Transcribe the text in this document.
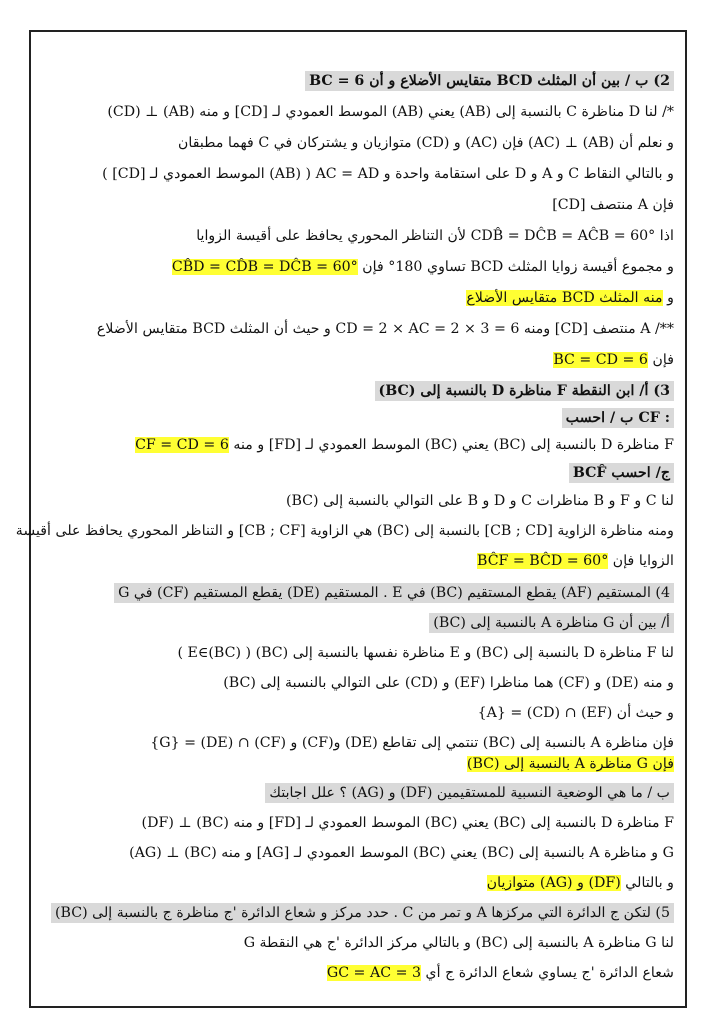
2) ب / بين أن المثلث BCD متقايس الأضلاع و أن BC = 6
*/ لنا D مناظرة C بالنسبة إلى (AB) يعني (AB) الموسط العمودي لـ [CD] و منه (AB) ⊥ (CD)
و نعلم أن (AB) ⊥ (AC) فإن (AC) و (CD) متوازيان و يشتركان في C فهما مطبقان
و بالتالي النقاط C و A و D على استقامة واحدة و AC = AD ( (AB) الموسط العمودي لـ [CD] )
فإن A منتصف [CD]
اذا CDB̂ = DĈB = AĈB = 60° لأن التناظر المحوري يحافظ على أقيسة الزوايا
و مجموع أقيسة زوايا المثلث BCD تساوي 180° فإن CB̂D = CD̂B = DĈB = 60°
و منه المثلث BCD متقايس الأضلاع
**/ A منتصف [CD] ومنه CD = 2 × AC = 2 × 3 = 6 و حيث أن المثلث BCD متقايس الأضلاع
فإن BC = CD = 6
3) أ/ ابن النقطة F مناظرة D بالنسبة إلى (BC)
: CF ب / احسب
F مناظرة D بالنسبة إلى (BC) يعني (BC) الموسط العمودي لـ [FD] و منه CF = CD = 6
ج/ احسب BCF̂
لنا C و F و B مناظرات C و D و B على التوالي بالنسبة إلى (BC)
ومنه مناظرة الزاوية [CB ; CD] بالنسبة إلى (BC) هي الزاوية [CB ; CF] و التناظر المحوري يحافظ على أقيسة
الزوايا فإن BĈF = BĈD = 60°
4) المستقيم (AF) يقطع المستقيم (BC) في E . المستقيم (DE) يقطع المستقيم (CF) في G
أ/ بين أن G مناظرة A بالنسبة إلى (BC)
لنا F مناظرة D بالنسبة إلى (BC) و E مناظرة نفسها بالنسبة إلى (BC) ( E∈(BC) )
و منه (DE) و (CF) هما مناظرا (EF) و (CD) على التوالي بالنسبة إلى (BC)
و حيث أن (EF) ∩ (CD) = {A}
فإن مناظرة A بالنسبة إلى (BC) تنتمي إلى تقاطع (DE) و(CF) و (CF) ∩ (DE) = {G}
فإن G مناظرة A بالنسبة إلى (BC)
ب / ما هي الوضعية النسبية للمستقيمين (DF) و (AG) ؟ علل اجابتك
F مناظرة D بالنسبة إلى (BC) يعني (BC) الموسط العمودي لـ [FD] و منه (BC) ⊥ (DF)
G و مناظرة A بالنسبة إلى (BC) يعني (BC) الموسط العمودي لـ [AG] و منه (BC) ⊥ (AG)
و بالتالي (DF) و (AG) متوازيان
5) لتكن ج الدائرة التي مركزها A و تمر من C . حدد مركز و شعاع الدائرة 'ج مناظرة ج بالنسبة إلى (BC)
لنا G مناظرة A بالنسبة إلى (BC) و بالتالي مركز الدائرة 'ج هي النقطة G
شعاع الدائرة 'ج يساوي شعاع الدائرة ج أي GC = AC = 3
